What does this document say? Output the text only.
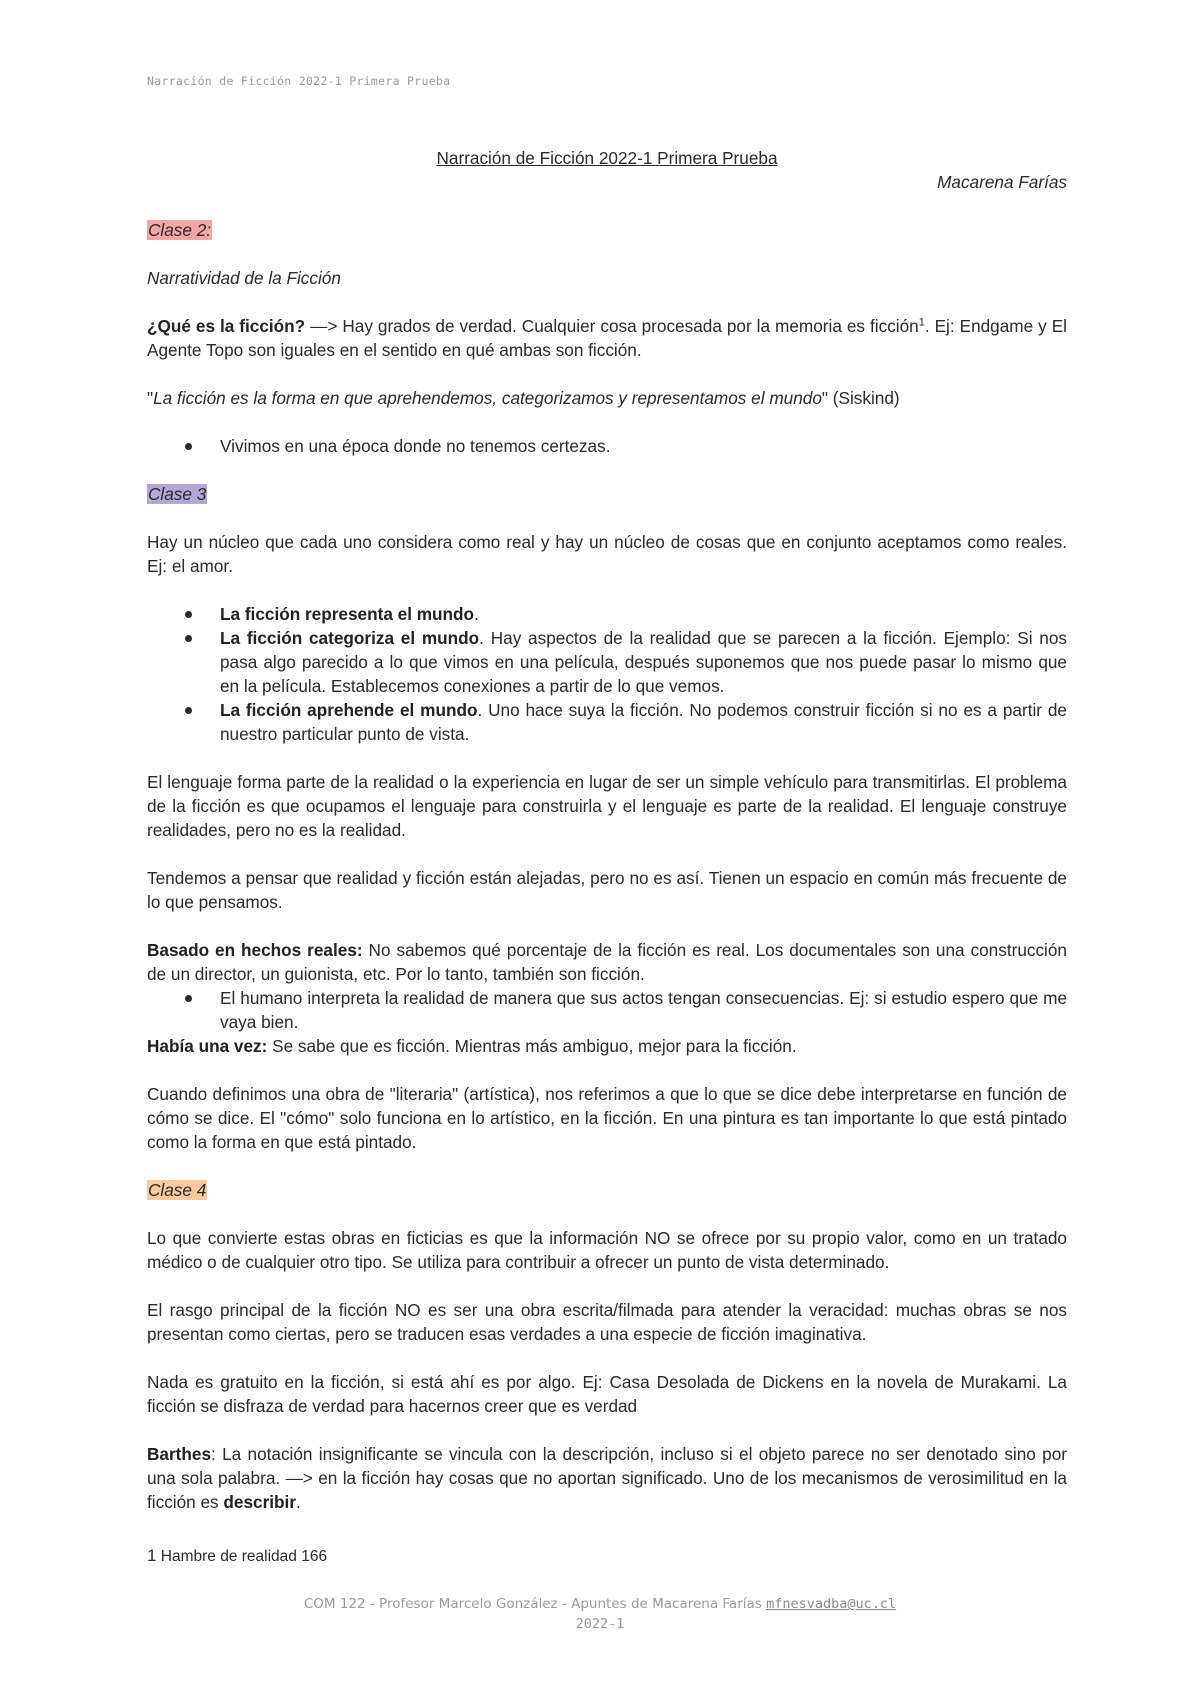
Narración de Ficción 2022-1 Primera Prueba

Narración de Ficción 2022-1 Primera Prueba

Macarena Farías

Clase 2:

Narratividad de la Ficción

¿Qué es la ficción? —> Hay grados de verdad. Cualquier cosa procesada por la memoria es ficción$^1$. Ej: Endgame y El Agente Topo son iguales en el sentido en qué ambas son ficción.

"La ficción es la forma en que aprehendemos, categorizamos y representamos el mundo" (Siskind)

Vivimos en una época donde no tenemos certezas.

Clase 3

Hay un núcleo que cada uno considera como real y hay un núcleo de cosas que en conjunto aceptamos como reales. Ej: el amor.

La ficción representa el mundo.
La ficción categoriza el mundo. Hay aspectos de la realidad que se parecen a la ficción. Ejemplo: Si nos pasa algo parecido a lo que vimos en una película, después suponemos que nos puede pasar lo mismo que en la película. Establecemos conexiones a partir de lo que vemos.
La ficción aprehende el mundo. Uno hace suya la ficción. No podemos construir ficción si no es a partir de nuestro particular punto de vista.

El lenguaje forma parte de la realidad o la experiencia en lugar de ser un simple vehículo para transmitirlas. El problema de la ficción es que ocupamos el lenguaje para construirla y el lenguaje es parte de la realidad. El lenguaje construye realidades, pero no es la realidad.

Tendemos a pensar que realidad y ficción están alejadas, pero no es así. Tienen un espacio en común más frecuente de lo que pensamos.

Basado en hechos reales: No sabemos qué porcentaje de la ficción es real. Los documentales son una construcción de un director, un guionista, etc. Por lo tanto, también son ficción.

El humano interpreta la realidad de manera que sus actos tengan consecuencias. Ej: si estudio espero que me vaya bien.

Había una vez: Se sabe que es ficción. Mientras más ambiguo, mejor para la ficción.

Cuando definimos una obra de "literaria" (artística), nos referimos a que lo que se dice debe interpretarse en función de cómo se dice. El "cómo" solo funciona en lo artístico, en la ficción. En una pintura es tan importante lo que está pintado como la forma en que está pintado.

Clase 4

Lo que convierte estas obras en ficticias es que la información NO se ofrece por su propio valor, como en un tratado médico o de cualquier otro tipo. Se utiliza para contribuir a ofrecer un punto de vista determinado.

El rasgo principal de la ficción NO es ser una obra escrita/filmada para atender la veracidad: muchas obras se nos presentan como ciertas, pero se traducen esas verdades a una especie de ficción imaginativa.

Nada es gratuito en la ficción, si está ahí es por algo. Ej: Casa Desolada de Dickens en la novela de Murakami. La ficción se disfraza de verdad para hacernos creer que es verdad

Barthes: La notación insignificante se vincula con la descripción, incluso si el objeto parece no ser denotado sino por una sola palabra. —> en la ficción hay cosas que no aportan significado. Uno de los mecanismos de verosimilitud en la ficción es describir.

1 Hambre de realidad 166
COM 122 - Profesor Marcelo González - Apuntes de Macarena Farías mfnesvadba@uc.cl
2022-1
